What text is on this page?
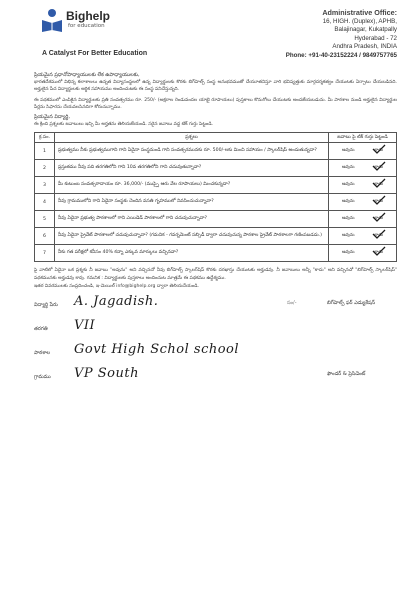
Bighelp
for education
A Catalyst For Better Education
Administrative Office:
16, HIGH. (Duplex), APHB,
Balajinagar, Kukatpally
Hyderabad - 72
Andhra Pradesh, INDIA
Phone: +91-40-23152224 / 9849757765
ప్రియమైన ప్రధానోపాధ్యాయులకు లేక ఉపాధ్యాయులకు,

భారతదేశములో విభిన్న కలాశాలలు ఉన్నత విద్యాసంస్థలలో ఉన్న విద్యార్థులకు కొరకు బిగ్‌హెల్ప్ సంస్థ అనుభవముతో చేయూతనిస్తూ వారి భవిష్యత్తుకు మార్గదర్శకత్వం చేయుటకు ఏర్పాటు చేయబడినది. అర్హులైన పేద విద్యార్థులకు ఆర్థిక సహాయము అందించుటకు ఈ సంస్థ పనిచేస్తున్నది.

ఈ పథకములో ఎంపికైన విద్యార్థులకు ప్రతి సంవత్సరము రూ. 250/- (అక్షరాల రెండువందల యాభై రూపాయలు) పుస్తకాలు కొనుగోలు చేయుటకు అందజేయబడును. మీ పాఠశాల నుండి అర్హులైన విద్యార్థుల పేర్లను సిఫారసు చేయవలసినదిగా కోరుచున్నాము.

ప్రియమైన విద్యార్థి,

ఈ క్రింది ప్రశ్నలకు జవాబులు ఇచ్చి మీ అర్హతను తెలియజేయండి. సరైన జవాబు వద్ద టిక్ గుర్తు పెట్టండి.

క్ర.సం.	ప్రశ్నలు	జవాబు పై టిక్ గుర్తు పెట్టండి
1	ప్రభుత్వము నీకు ప్రభుత్వముగాని గాని ఏదైనా సంస్థనుండి గాని సంవత్సరమునకు రూ. 500/-లకు మించి సహాయం / స్కాలర్‌షిప్ అందుతున్నదా?	అవును కాదు

2	ప్రస్తుతము నీవు పది తరగతిలోని గాని 10వ తరగతిలోని గాని చదువుతున్నావా?	అవును కాదు

3	మీ కుటుంబ సంవత్సరాదాయం రూ. 36,000/- (ముప్పై ఆరు వేల రూపాయలు) మించకున్నదా?	అవును కాదు

4	నీవు గ్రామములోని గాని ఏదైనా సంస్థకు చెందిన వసతి గృహములో నివసించుచున్నావా?	అవును కాదు

5	నీవు ఏదైనా ప్రభుత్వ పాఠశాలలో గాని ఎయిడెడ్ పాఠశాలలో గాని చదువుచున్నావా?	అవును కాదు

6	నీవు ఏదైనా ప్రైవేట్ పాఠశాలలో చదువుచున్నావా? (గమనిక - గవర్నమెంట్ సబ్సిడీ ద్వారా చదువుచున్న పాఠశాల ప్రైవేట్ పాఠశాలగా గణింపబడదు.)	అవును కాదు

7	నీకు గత పరీక్షలో కనీసం 40% కన్నా ఎక్కువ మార్కులు వచ్చినవా?	అవును కాదు
పై వాటిలో ఏదైనా ఒక ప్రశ్నకు నీ జవాబు "అవును" అని వచ్చినచో నీవు బిగ్‌హెల్ప్ స్కాలర్‌షిప్ కొరకు దరఖాస్తు చేయుటకు అర్హుడవు. నీ జవాబులు అన్నీ "కాదు" అని వచ్చినచో "బిగ్‌హెల్ప్ స్కాలర్‌షిప్" పథకమునకు అర్హుడవు కావు. గమనిక : విద్యార్థులకు పుస్తకాలు అందించుట మాత్రమే ఈ పథకము ఉద్దేశ్యము.
ఇతర వివరములకు సంప్రదించండి, ఇ-మెయిల్ info@bighelp.org ద్వారా తెలియచేయండి.
విద్యార్థి పేరు A. Jagadish.
తరగతి VII
పాఠశాల Govt High Schol school
గ్రామము VP South
సం/-	బిగ్‌హెల్ప్ ఫర్ ఎడ్యుకేషన్
ఫౌండర్ & ప్రెసిడెంట్
